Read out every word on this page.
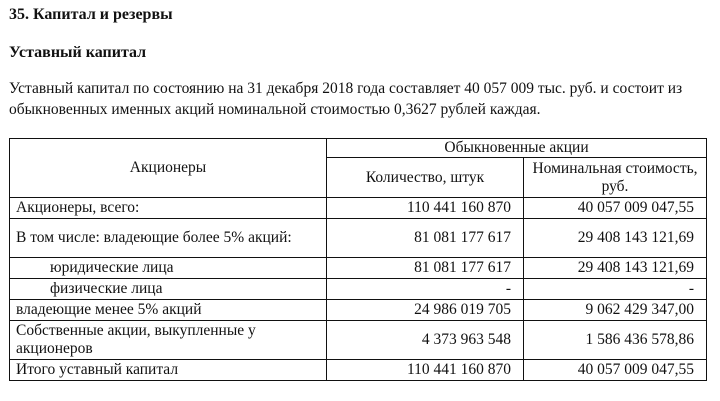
35. Капитал и резервы
Уставный капитал
Уставный капитал по состоянию на 31 декабря 2018 года составляет 40 057 009 тыс. руб. и состоит из обыкновенных именных акций номинальной стоимостью 0,3627 рублей каждая.
Акционеры	Обыкновенные акции	
	Количество, штук	Номинальная стоимость, руб.
Акционеры, всего:	110 441 160 870	40 057 009 047,55
В том числе: владеющие более 5% акций:	81 081 177 617	29 408 143 121,69
юридические лица	81 081 177 617	29 408 143 121,69
физические лица	-	-
владеющие менее 5% акций	24 986 019 705	9 062 429 347,00
Собственные акции, выкупленные у акционеров	4 373 963 548	1 586 436 578,86
Итого уставный капитал	110 441 160 870	40 057 009 047,55
